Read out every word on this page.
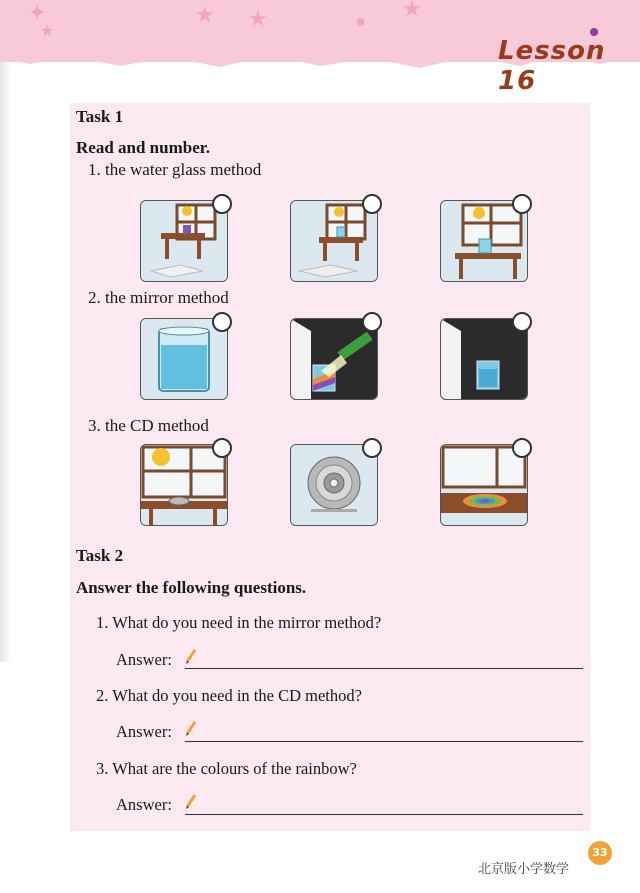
✦	★ ★	★
★
●
Lesson 16
Task 1
Read and number.
1. the water glass method
2. the mirror method
3. the CD method
Task 2
Answer the following questions.
1. What do you need in the mirror method?
Answer:
2. What do you need in the CD method?
Answer:
3. What are the colours of the rainbow?
Answer:
33
北京版小学数学
